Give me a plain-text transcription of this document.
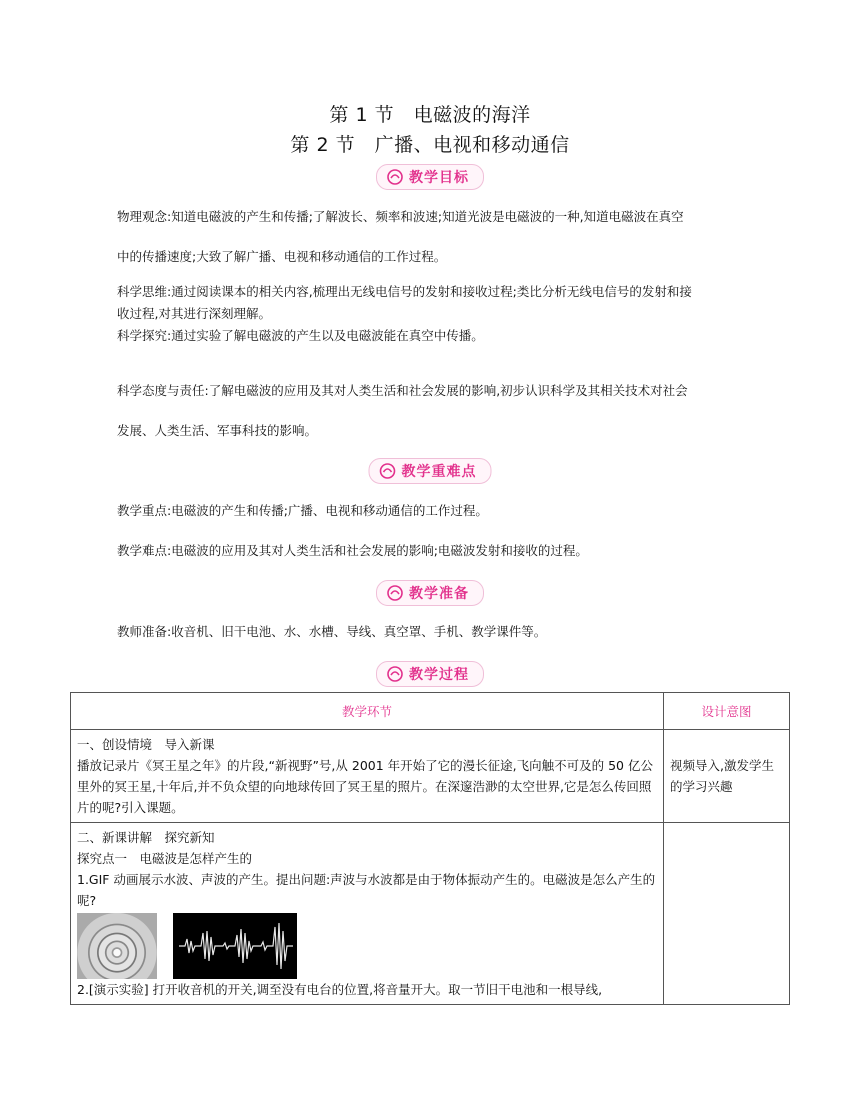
第 1 节　电磁波的海洋
第 2 节　广播、电视和移动通信
教学目标
物理观念:知道电磁波的产生和传播;了解波长、频率和波速;知道光波是电磁波的一种,知道电磁波在真空
中的传播速度;大致了解广播、电视和移动通信的工作过程。
科学思维:通过阅读课本的相关内容,梳理出无线电信号的发射和接收过程;类比分析无线电信号的发射和接
收过程,对其进行深刻理解。
科学探究:通过实验了解电磁波的产生以及电磁波能在真空中传播。
科学态度与责任:了解电磁波的应用及其对人类生活和社会发展的影响,初步认识科学及其相关技术对社会
发展、人类生活、军事科技的影响。
教学重难点
教学重点:电磁波的产生和传播;广播、电视和移动通信的工作过程。
教学难点:电磁波的应用及其对人类生活和社会发展的影响;电磁波发射和接收的过程。
教学准备
教师准备:收音机、旧干电池、水、水槽、导线、真空罩、手机、教学课件等。
教学过程
教学环节	设计意图

一、创设情境　导入新课
播放记录片《冥王星之年》的片段,“新视野”号,从 2001 年开始了它的漫长征途,飞向触不可及的 50 亿公里外的冥王星,十年后,并不负众望的向地球传回了冥王星的照片。在深邃浩渺的太空世界,它是怎么传回照片的呢?引入课题。	视频导入,激发学生的学习兴趣

二、新课讲解　探究新知
探究点一　电磁波是怎样产生的
1.GIF 动画展示水波、声波的产生。提出问题:声波与水波都是由于物体振动产生的。电磁波是怎么产生的呢?
2.[演示实验] 打开收音机的开关,调至没有电台的位置,将音量开大。取一节旧干电池和一根导线,	
